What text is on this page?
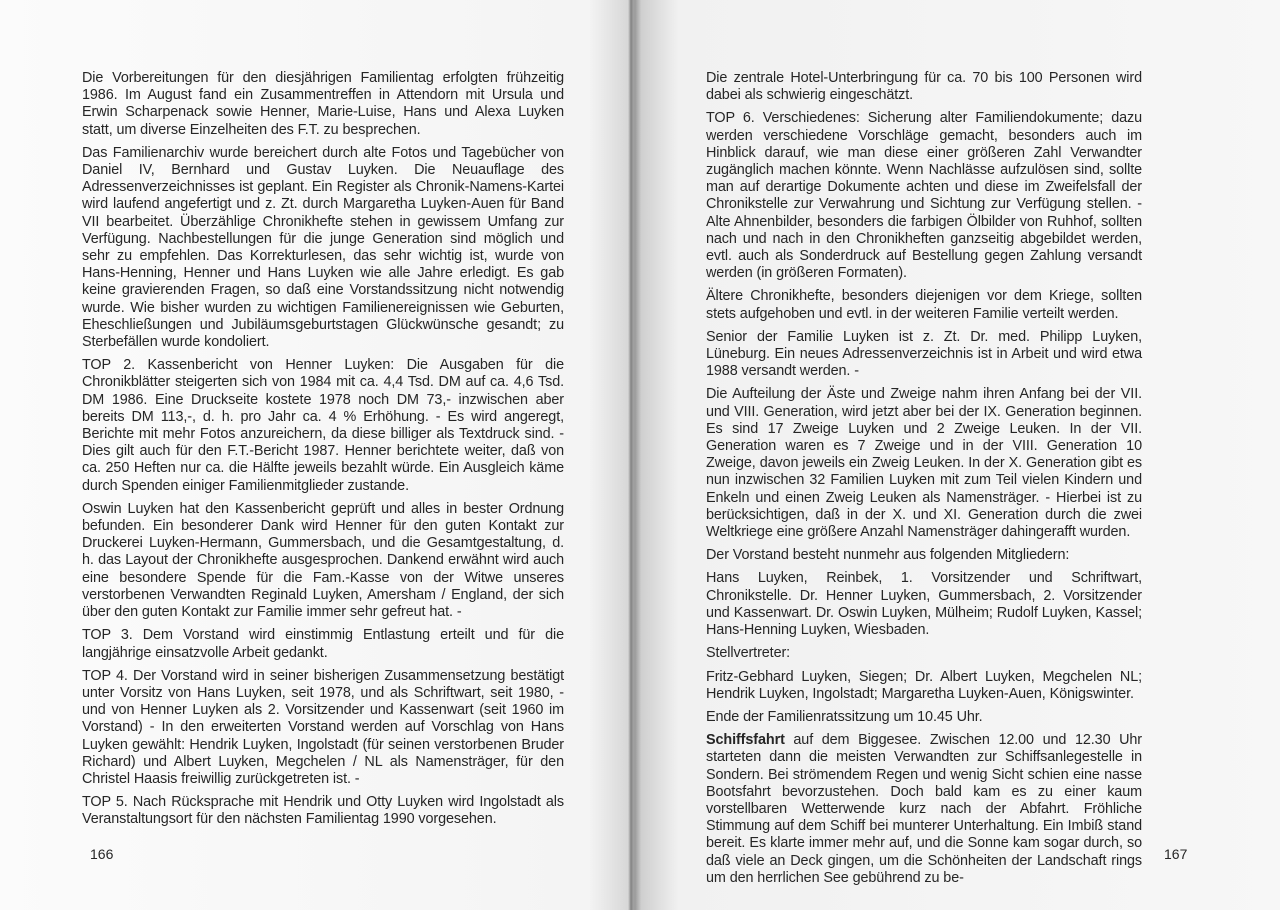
Die Vorbereitungen für den diesjährigen Familientag erfolgten frühzeitig 1986. Im August fand ein Zusammentreffen in Attendorn mit Ursula und Erwin Scharpenack sowie Henner, Marie-Luise, Hans und Alexa Luyken statt, um diverse Einzelheiten des F.T. zu besprechen.

Das Familienarchiv wurde bereichert durch alte Fotos und Tagebücher von Daniel IV, Bernhard und Gustav Luyken. Die Neuauflage des Adressenverzeichnisses ist geplant. Ein Register als Chronik-Namens-Kartei wird laufend angefertigt und z. Zt. durch Margaretha Luyken-Auen für Band VII bearbeitet. Überzählige Chronikhefte stehen in gewissem Umfang zur Verfügung. Nachbestellungen für die junge Generation sind möglich und sehr zu empfehlen. Das Korrekturlesen, das sehr wichtig ist, wurde von Hans-Henning, Henner und Hans Luyken wie alle Jahre erledigt. Es gab keine gravierenden Fragen, so daß eine Vorstandssitzung nicht notwendig wurde. Wie bisher wurden zu wichtigen Familienereignissen wie Geburten, Eheschließungen und Jubiläumsgeburtstagen Glückwünsche gesandt; zu Sterbefällen wurde kondoliert.

TOP 2. Kassenbericht von Henner Luyken: Die Ausgaben für die Chronikblätter steigerten sich von 1984 mit ca. 4,4 Tsd. DM auf ca. 4,6 Tsd. DM 1986. Eine Druckseite kostete 1978 noch DM 73,- inzwischen aber bereits DM 113,-, d. h. pro Jahr ca. 4 % Erhöhung. - Es wird angeregt, Berichte mit mehr Fotos anzureichern, da diese billiger als Textdruck sind. - Dies gilt auch für den F.T.-Bericht 1987. Henner berichtete weiter, daß von ca. 250 Heften nur ca. die Hälfte jeweils bezahlt würde. Ein Ausgleich käme durch Spenden einiger Familienmitglieder zustande.

Oswin Luyken hat den Kassenbericht geprüft und alles in bester Ordnung befunden. Ein besonderer Dank wird Henner für den guten Kontakt zur Druckerei Luyken-Hermann, Gummersbach, und die Gesamtgestaltung, d. h. das Layout der Chronikhefte ausgesprochen. Dankend erwähnt wird auch eine besondere Spende für die Fam.-Kasse von der Witwe unseres verstorbenen Verwandten Reginald Luyken, Amersham / England, der sich über den guten Kontakt zur Familie immer sehr gefreut hat. -

TOP 3. Dem Vorstand wird einstimmig Entlastung erteilt und für die langjährige einsatzvolle Arbeit gedankt.

TOP 4. Der Vorstand wird in seiner bisherigen Zusammensetzung bestätigt unter Vorsitz von Hans Luyken, seit 1978, und als Schriftwart, seit 1980, - und von Henner Luyken als 2. Vorsitzender und Kassenwart (seit 1960 im Vorstand) - In den erweiterten Vorstand werden auf Vorschlag von Hans Luyken gewählt: Hendrik Luyken, Ingolstadt (für seinen verstorbenen Bruder Richard) und Albert Luyken, Megchelen / NL als Namensträger, für den Christel Haasis freiwillig zurückgetreten ist. -

TOP 5. Nach Rücksprache mit Hendrik und Otty Luyken wird Ingolstadt als Veranstaltungsort für den nächsten Familientag 1990 vorgesehen.

166

Die zentrale Hotel-Unterbringung für ca. 70 bis 100 Personen wird dabei als schwierig eingeschätzt.

TOP 6. Verschiedenes: Sicherung alter Familiendokumente; dazu werden verschiedene Vorschläge gemacht, besonders auch im Hinblick darauf, wie man diese einer größeren Zahl Verwandter zugänglich machen könnte. Wenn Nachlässe aufzulösen sind, sollte man auf derartige Dokumente achten und diese im Zweifelsfall der Chronikstelle zur Verwahrung und Sichtung zur Verfügung stellen. - Alte Ahnenbilder, besonders die farbigen Ölbilder von Ruhhof, sollten nach und nach in den Chronikheften ganzseitig abgebildet werden, evtl. auch als Sonderdruck auf Bestellung gegen Zahlung versandt werden (in größeren Formaten).

Ältere Chronikhefte, besonders diejenigen vor dem Kriege, sollten stets aufgehoben und evtl. in der weiteren Familie verteilt werden.

Senior der Familie Luyken ist z. Zt. Dr. med. Philipp Luyken, Lüneburg. Ein neues Adressenverzeichnis ist in Arbeit und wird etwa 1988 versandt werden. -

Die Aufteilung der Äste und Zweige nahm ihren Anfang bei der VII. und VIII. Generation, wird jetzt aber bei der IX. Generation beginnen. Es sind 17 Zweige Luyken und 2 Zweige Leuken. In der VII. Generation waren es 7 Zweige und in der VIII. Generation 10 Zweige, davon jeweils ein Zweig Leuken. In der X. Generation gibt es nun inzwischen 32 Familien Luyken mit zum Teil vielen Kindern und Enkeln und einen Zweig Leuken als Namensträger. - Hierbei ist zu berücksichtigen, daß in der X. und XI. Generation durch die zwei Weltkriege eine größere Anzahl Namensträger dahingerafft wurden.

Der Vorstand besteht nunmehr aus folgenden Mitgliedern:

Hans Luyken, Reinbek, 1. Vorsitzender und Schriftwart, Chronikstelle. Dr. Henner Luyken, Gummersbach, 2. Vorsitzender und Kassenwart. Dr. Oswin Luyken, Mülheim; Rudolf Luyken, Kassel; Hans-Henning Luyken, Wiesbaden.

Stellvertreter:

Fritz-Gebhard Luyken, Siegen; Dr. Albert Luyken, Megchelen NL; Hendrik Luyken, Ingolstadt; Margaretha Luyken-Auen, Königswinter.

Ende der Familienratssitzung um 10.45 Uhr.

Schiffsfahrt auf dem Biggesee. Zwischen 12.00 und 12.30 Uhr starteten dann die meisten Verwandten zur Schiffsanlegestelle in Sondern. Bei strömendem Regen und wenig Sicht schien eine nasse Bootsfahrt bevorzustehen. Doch bald kam es zu einer kaum vorstellbaren Wetterwende kurz nach der Abfahrt. Fröhliche Stimmung auf dem Schiff bei munterer Unterhaltung. Ein Imbiß stand bereit. Es klarte immer mehr auf, und die Sonne kam sogar durch, so daß viele an Deck gingen, um die Schönheiten der Landschaft rings um den herrlichen See gebührend zu be-

167
